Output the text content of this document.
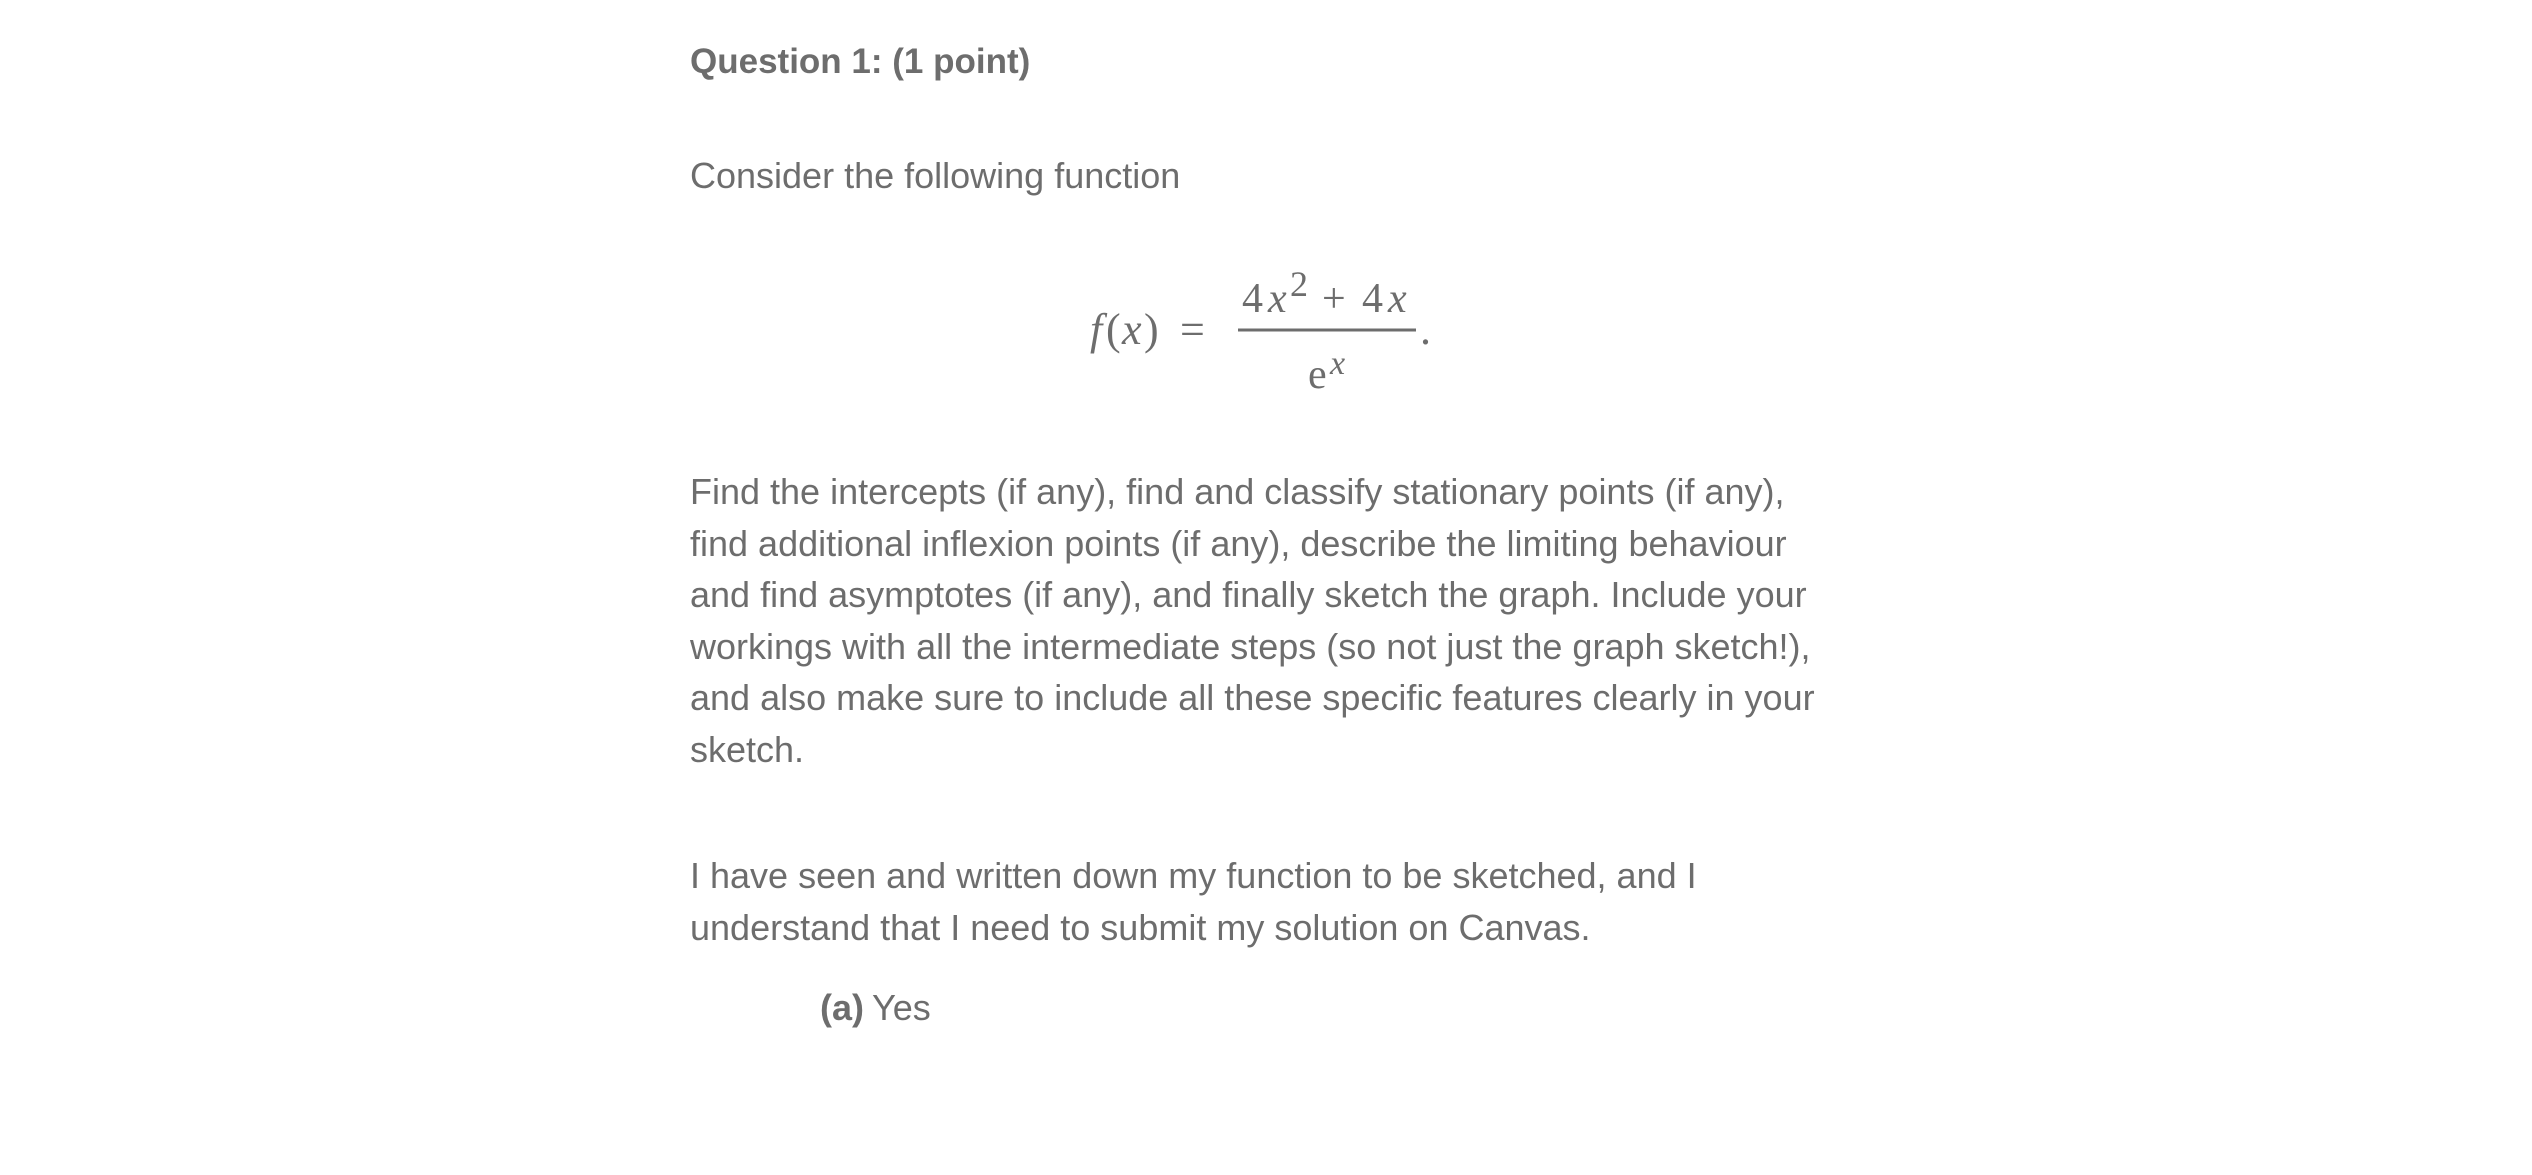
Question 1: (1 point)
Consider the following function
f ( x ) =
4 x 2 + 4 x
e x
.
Find the intercepts (if any), find and classify stationary points (if any), find additional inflexion points (if any), describe the limiting behaviour and find asymptotes (if any), and finally sketch the graph. Include your workings with all the intermediate steps (so not just the graph sketch!), and also make sure to include all these specific features clearly in your sketch.
I have seen and written down my function to be sketched, and I understand that I need to submit my solution on Canvas.
(a) Yes
